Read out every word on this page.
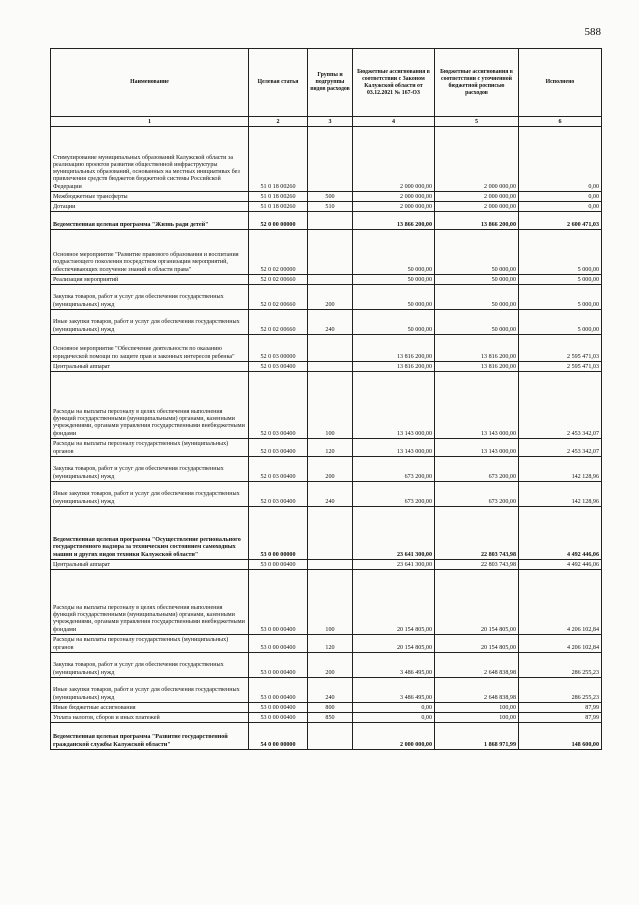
588
Наименование	Целевая статья	Группы и подгруппы видов расходов	Бюджетные ассигнования в соответствии с Законом Калужской области от 03.12.2021 № 167-ОЗ	Бюджетные ассигнования в соответствии с уточненной бюджетной росписью расходов	Исполнено
1	2	3	4	5	6
Стимулирование муниципальных образований Калужской области за реализацию проектов развития общественной инфраструктуры муниципальных образований, основанных на местных инициативах без привлечения средств бюджетов бюджетной системы Российской Федерации	51 0 18 00260		2 000 000,00	2 000 000,00	0,00
Межбюджетные трансферты	51 0 18 00260	500	2 000 000,00	2 000 000,00	0,00
Дотации	51 0 18 00260	510	2 000 000,00	2 000 000,00	0,00
Ведомственная целевая программа "Жизнь ради детей"	52 0 00 00000		13 866 200,00	13 866 200,00	2 600 471,03
Основное мероприятие "Развитие правового образования и воспитания подрастающего поколения посредством организации мероприятий, обеспечивающих получение знаний в области права"	52 0 02 00000		50 000,00	50 000,00	5 000,00
Реализация мероприятий	52 0 02 00660		50 000,00	50 000,00	5 000,00
Закупка товаров, работ и услуг для обеспечения государственных (муниципальных) нужд	52 0 02 00660	200	50 000,00	50 000,00	5 000,00
Иные закупки товаров, работ и услуг для обеспечения государственных (муниципальных) нужд	52 0 02 00660	240	50 000,00	50 000,00	5 000,00
Основное мероприятие "Обеспечение деятельности по оказанию юридической помощи по защите прав и законных интересов ребенка"	52 0 03 00000		13 816 200,00	13 816 200,00	2 595 471,03
Центральный аппарат	52 0 03 00400		13 816 200,00	13 816 200,00	2 595 471,03
Расходы на выплаты персоналу в целях обеспечения выполнения функций государственными (муниципальными) органами, казенными учреждениями, органами управления государственными внебюджетными фондами	52 0 03 00400	100	13 143 000,00	13 143 000,00	2 453 342,07
Расходы на выплаты персоналу государственных (муниципальных) органов	52 0 03 00400	120	13 143 000,00	13 143 000,00	2 453 342,07
Закупка товаров, работ и услуг для обеспечения государственных (муниципальных) нужд	52 0 03 00400	200	673 200,00	673 200,00	142 128,96
Иные закупки товаров, работ и услуг для обеспечения государственных (муниципальных) нужд	52 0 03 00400	240	673 200,00	673 200,00	142 128,96
Ведомственная целевая программа "Осуществление регионального государственного надзора за техническим состоянием самоходных машин и других видов техники Калужской области"	53 0 00 00000		23 641 300,00	22 803 743,98	4 492 446,06
Центральный аппарат	53 0 00 00400		23 641 300,00	22 803 743,98	4 492 446,06
Расходы на выплаты персоналу в целях обеспечения выполнения функций государственными (муниципальными) органами, казенными учреждениями, органами управления государственными внебюджетными фондами	53 0 00 00400	100	20 154 805,00	20 154 805,00	4 206 102,84
Расходы на выплаты персоналу государственных (муниципальных) органов	53 0 00 00400	120	20 154 805,00	20 154 805,00	4 206 102,84
Закупка товаров, работ и услуг для обеспечения государственных (муниципальных) нужд	53 0 00 00400	200	3 486 495,00	2 648 838,98	286 255,23
Иные закупки товаров, работ и услуг для обеспечения государственных (муниципальных) нужд	53 0 00 00400	240	3 486 495,00	2 648 838,98	286 255,23
Иные бюджетные ассигнования	53 0 00 00400	800	0,00	100,00	87,99
Уплата налогов, сборов и иных платежей	53 0 00 00400	850	0,00	100,00	87,99
Ведомственная целевая программа "Развитие государственной гражданской службы Калужской области"	54 0 00 00000		2 000 000,00	1 868 971,99	148 600,00
